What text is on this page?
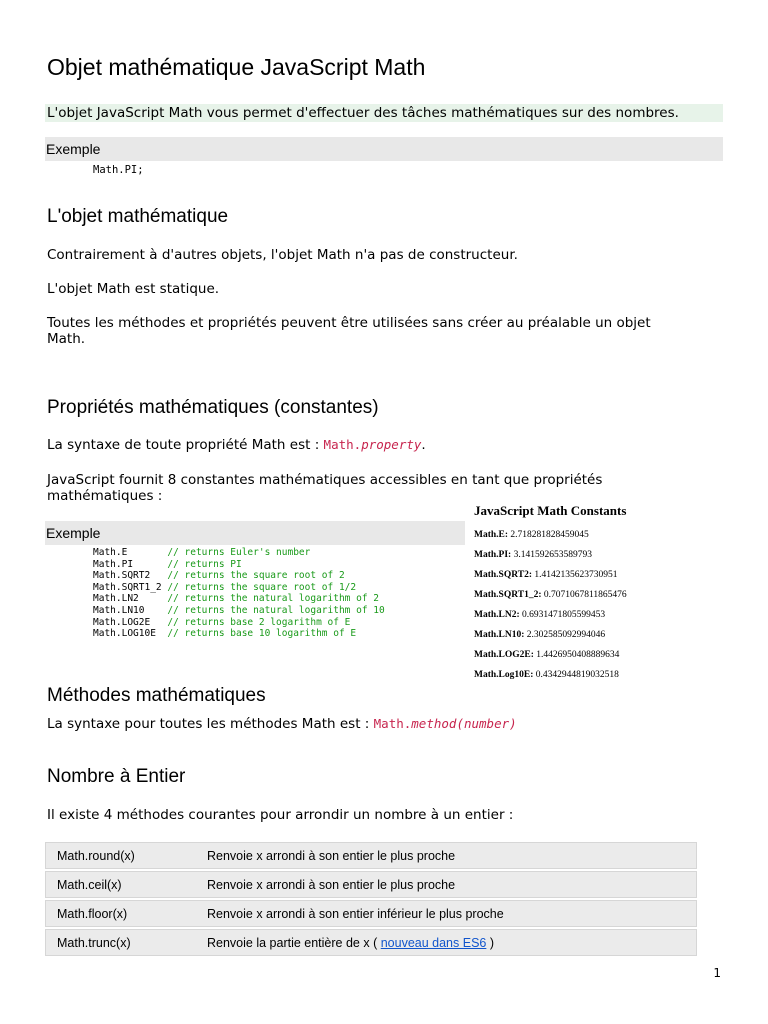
Objet mathématique JavaScript Math
L'objet JavaScript Math vous permet d'effectuer des tâches mathématiques sur des nombres.
Exemple
Math.PI;
L'objet mathématique
Contrairement à d'autres objets, l'objet Math n'a pas de constructeur.
L'objet Math est statique.
Toutes les méthodes et propriétés peuvent être utilisées sans créer au préalable un objet
Math.
Propriétés mathématiques (constantes)
La syntaxe de toute propriété Math est : Math.property.
JavaScript fournit 8 constantes mathématiques accessibles en tant que propriétés
mathématiques :
Exemple
Math.E       // returns Euler's number
Math.PI      // returns PI
Math.SQRT2   // returns the square root of 2
Math.SQRT1_2 // returns the square root of 1/2
Math.LN2     // returns the natural logarithm of 2
Math.LN10    // returns the natural logarithm of 10
Math.LOG2E   // returns base 2 logarithm of E
Math.LOG10E  // returns base 10 logarithm of E
JavaScript Math Constants
Math.E: 2.718281828459045
Math.PI: 3.141592653589793
Math.SQRT2: 1.4142135623730951
Math.SQRT1_2: 0.7071067811865476
Math.LN2: 0.6931471805599453
Math.LN10: 2.302585092994046
Math.LOG2E: 1.4426950408889634
Math.Log10E: 0.4342944819032518
Méthodes mathématiques
La syntaxe pour toutes les méthodes Math est : Math.method(number)
Nombre à Entier
Il existe 4 méthodes courantes pour arrondir un nombre à un entier :
Math.round(x)	Renvoie x arrondi à son entier le plus proche
Math.ceil(x)	Renvoie x arrondi à son entier le plus proche
Math.floor(x)	Renvoie x arrondi à son entier inférieur le plus proche
Math.trunc(x)	Renvoie la partie entière de x ( nouveau dans ES6 )
1
